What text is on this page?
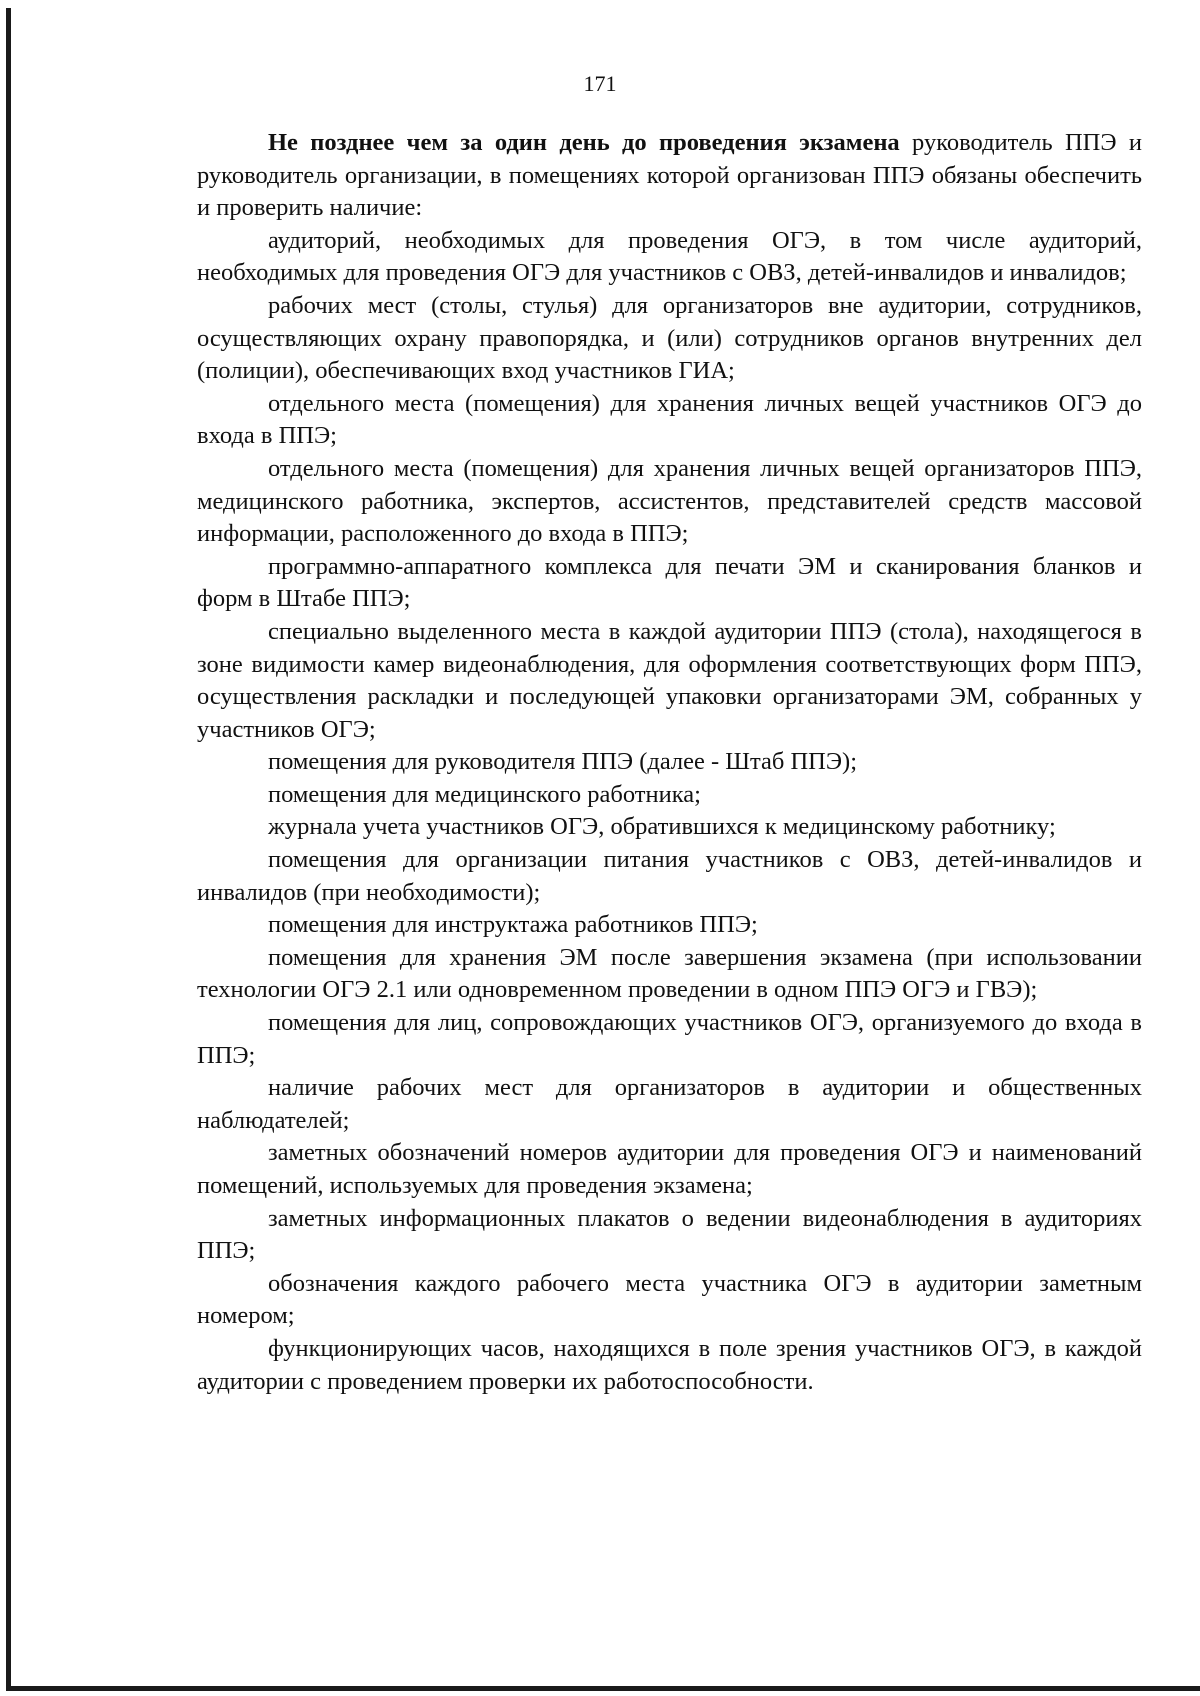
171

Не позднее чем за один день до проведения экзамена руководитель ППЭ и руководитель организации, в помещениях которой организован ППЭ обязаны обеспечить и проверить наличие:

аудиторий, необходимых для проведения ОГЭ, в том числе аудиторий, необходимых для проведения ОГЭ для участников с ОВЗ, детей-инвалидов и инвалидов;

рабочих мест (столы, стулья) для организаторов вне аудитории, сотрудников, осуществляющих охрану правопорядка, и (или) сотрудников органов внутренних дел (полиции), обеспечивающих вход участников ГИА;

отдельного места (помещения) для хранения личных вещей участников ОГЭ до входа в ППЭ;

отдельного места (помещения) для хранения личных вещей организаторов ППЭ, медицинского работника, экспертов, ассистентов, представителей средств массовой информации, расположенного до входа в ППЭ;

программно-аппаратного комплекса для печати ЭМ и сканирования бланков и форм в Штабе ППЭ;

специально выделенного места в каждой аудитории ППЭ (стола), находящегося в зоне видимости камер видеонаблюдения, для оформления соответствующих форм ППЭ, осуществления раскладки и последующей упаковки организаторами ЭМ, собранных у участников ОГЭ;

помещения для руководителя ППЭ (далее - Штаб ППЭ);

помещения для медицинского работника;

журнала учета участников ОГЭ, обратившихся к медицинскому работнику;

помещения для организации питания участников с ОВЗ, детей-инвалидов и инвалидов (при необходимости);

помещения для инструктажа работников ППЭ;

помещения для хранения ЭМ после завершения экзамена (при использовании технологии ОГЭ 2.1 или одновременном проведении в одном ППЭ ОГЭ и ГВЭ);

помещения для лиц, сопровождающих участников ОГЭ, организуемого до входа в ППЭ;

наличие рабочих мест для организаторов в аудитории и общественных наблюдателей;

заметных обозначений номеров аудитории для проведения ОГЭ и наименований помещений, используемых для проведения экзамена;

заметных информационных плакатов о ведении видеонаблюдения в аудиториях ППЭ;

обозначения каждого рабочего места участника ОГЭ в аудитории заметным номером;

функционирующих часов, находящихся в поле зрения участников ОГЭ, в каждой аудитории с проведением проверки их работоспособности.
